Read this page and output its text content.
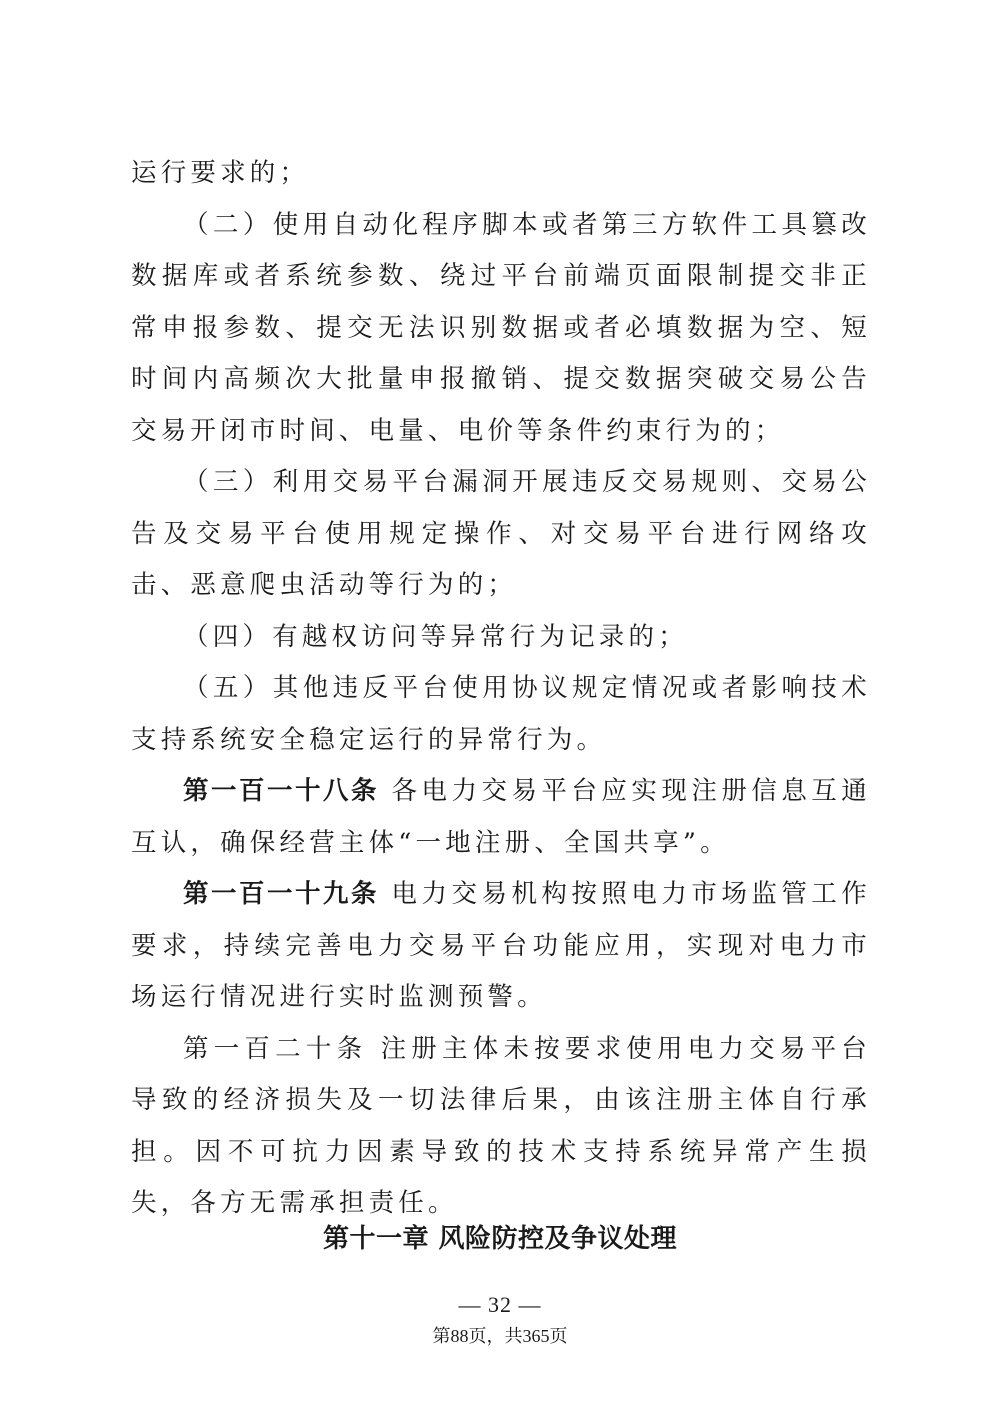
运行要求的；

（二）使用自动化程序脚本或者第三方软件工具篡改数据库或者系统参数、绕过平台前端页面限制提交非正常申报参数、提交无法识别数据或者必填数据为空、短时间内高频次大批量申报撤销、提交数据突破交易公告交易开闭市时间、电量、电价等条件约束行为的；

（三）利用交易平台漏洞开展违反交易规则、交易公告及交易平台使用规定操作、对交易平台进行网络攻击、恶意爬虫活动等行为的；

（四）有越权访问等异常行为记录的；

（五）其他违反平台使用协议规定情况或者影响技术支持系统安全稳定运行的异常行为。

第一百一十八条 各电力交易平台应实现注册信息互通互认，确保经营主体“一地注册、全国共享”。

第一百一十九条 电力交易机构按照电力市场监管工作要求，持续完善电力交易平台功能应用，实现对电力市场运行情况进行实时监测预警。

第一百二十条 注册主体未按要求使用电力交易平台导致的经济损失及一切法律后果，由该注册主体自行承担。因不可抗力因素导致的技术支持系统异常产生损失，各方无需承担责任。

第十一章 风险防控及争议处理
— 32 —
第88页，共365页
